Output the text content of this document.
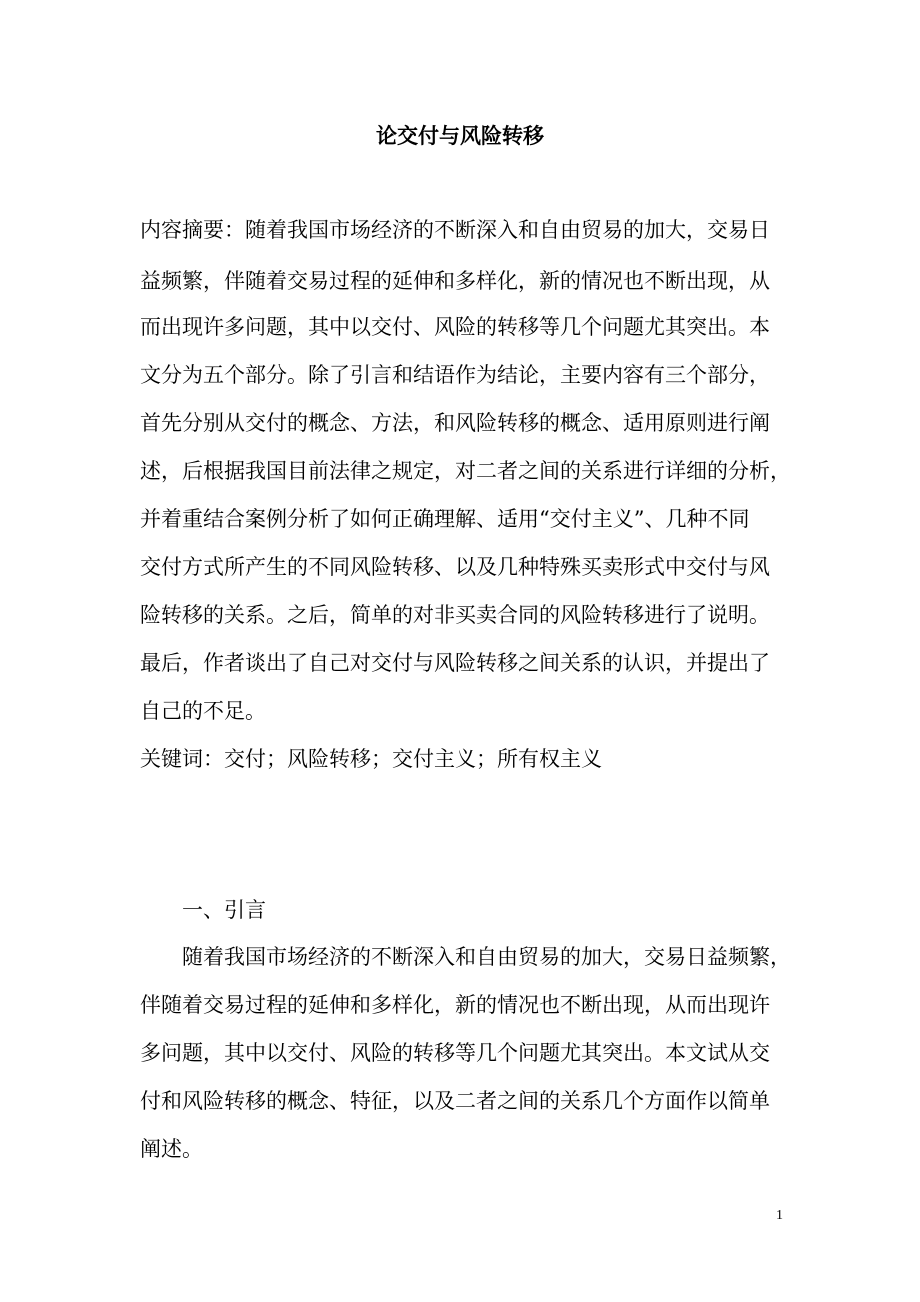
论交付与风险转移
内容摘要：随着我国市场经济的不断深入和自由贸易的加大，交易日
益频繁，伴随着交易过程的延伸和多样化，新的情况也不断出现，从
而出现许多问题，其中以交付、风险的转移等几个问题尤其突出。本
文分为五个部分。除了引言和结语作为结论，主要内容有三个部分，
首先分别从交付的概念、方法，和风险转移的概念、适用原则进行阐
述，后根据我国目前法律之规定，对二者之间的关系进行详细的分析，
并着重结合案例分析了如何正确理解、适用“交付主义”、几种不同
交付方式所产生的不同风险转移、以及几种特殊买卖形式中交付与风
险转移的关系。之后，简单的对非买卖合同的风险转移进行了说明。
最后，作者谈出了自己对交付与风险转移之间关系的认识，并提出了
自己的不足。
关键词：交付；风险转移；交付主义；所有权主义
一、引言
随着我国市场经济的不断深入和自由贸易的加大，交易日益频繁，
伴随着交易过程的延伸和多样化，新的情况也不断出现，从而出现许
多问题，其中以交付、风险的转移等几个问题尤其突出。本文试从交
付和风险转移的概念、特征，以及二者之间的关系几个方面作以简单
阐述。
1
